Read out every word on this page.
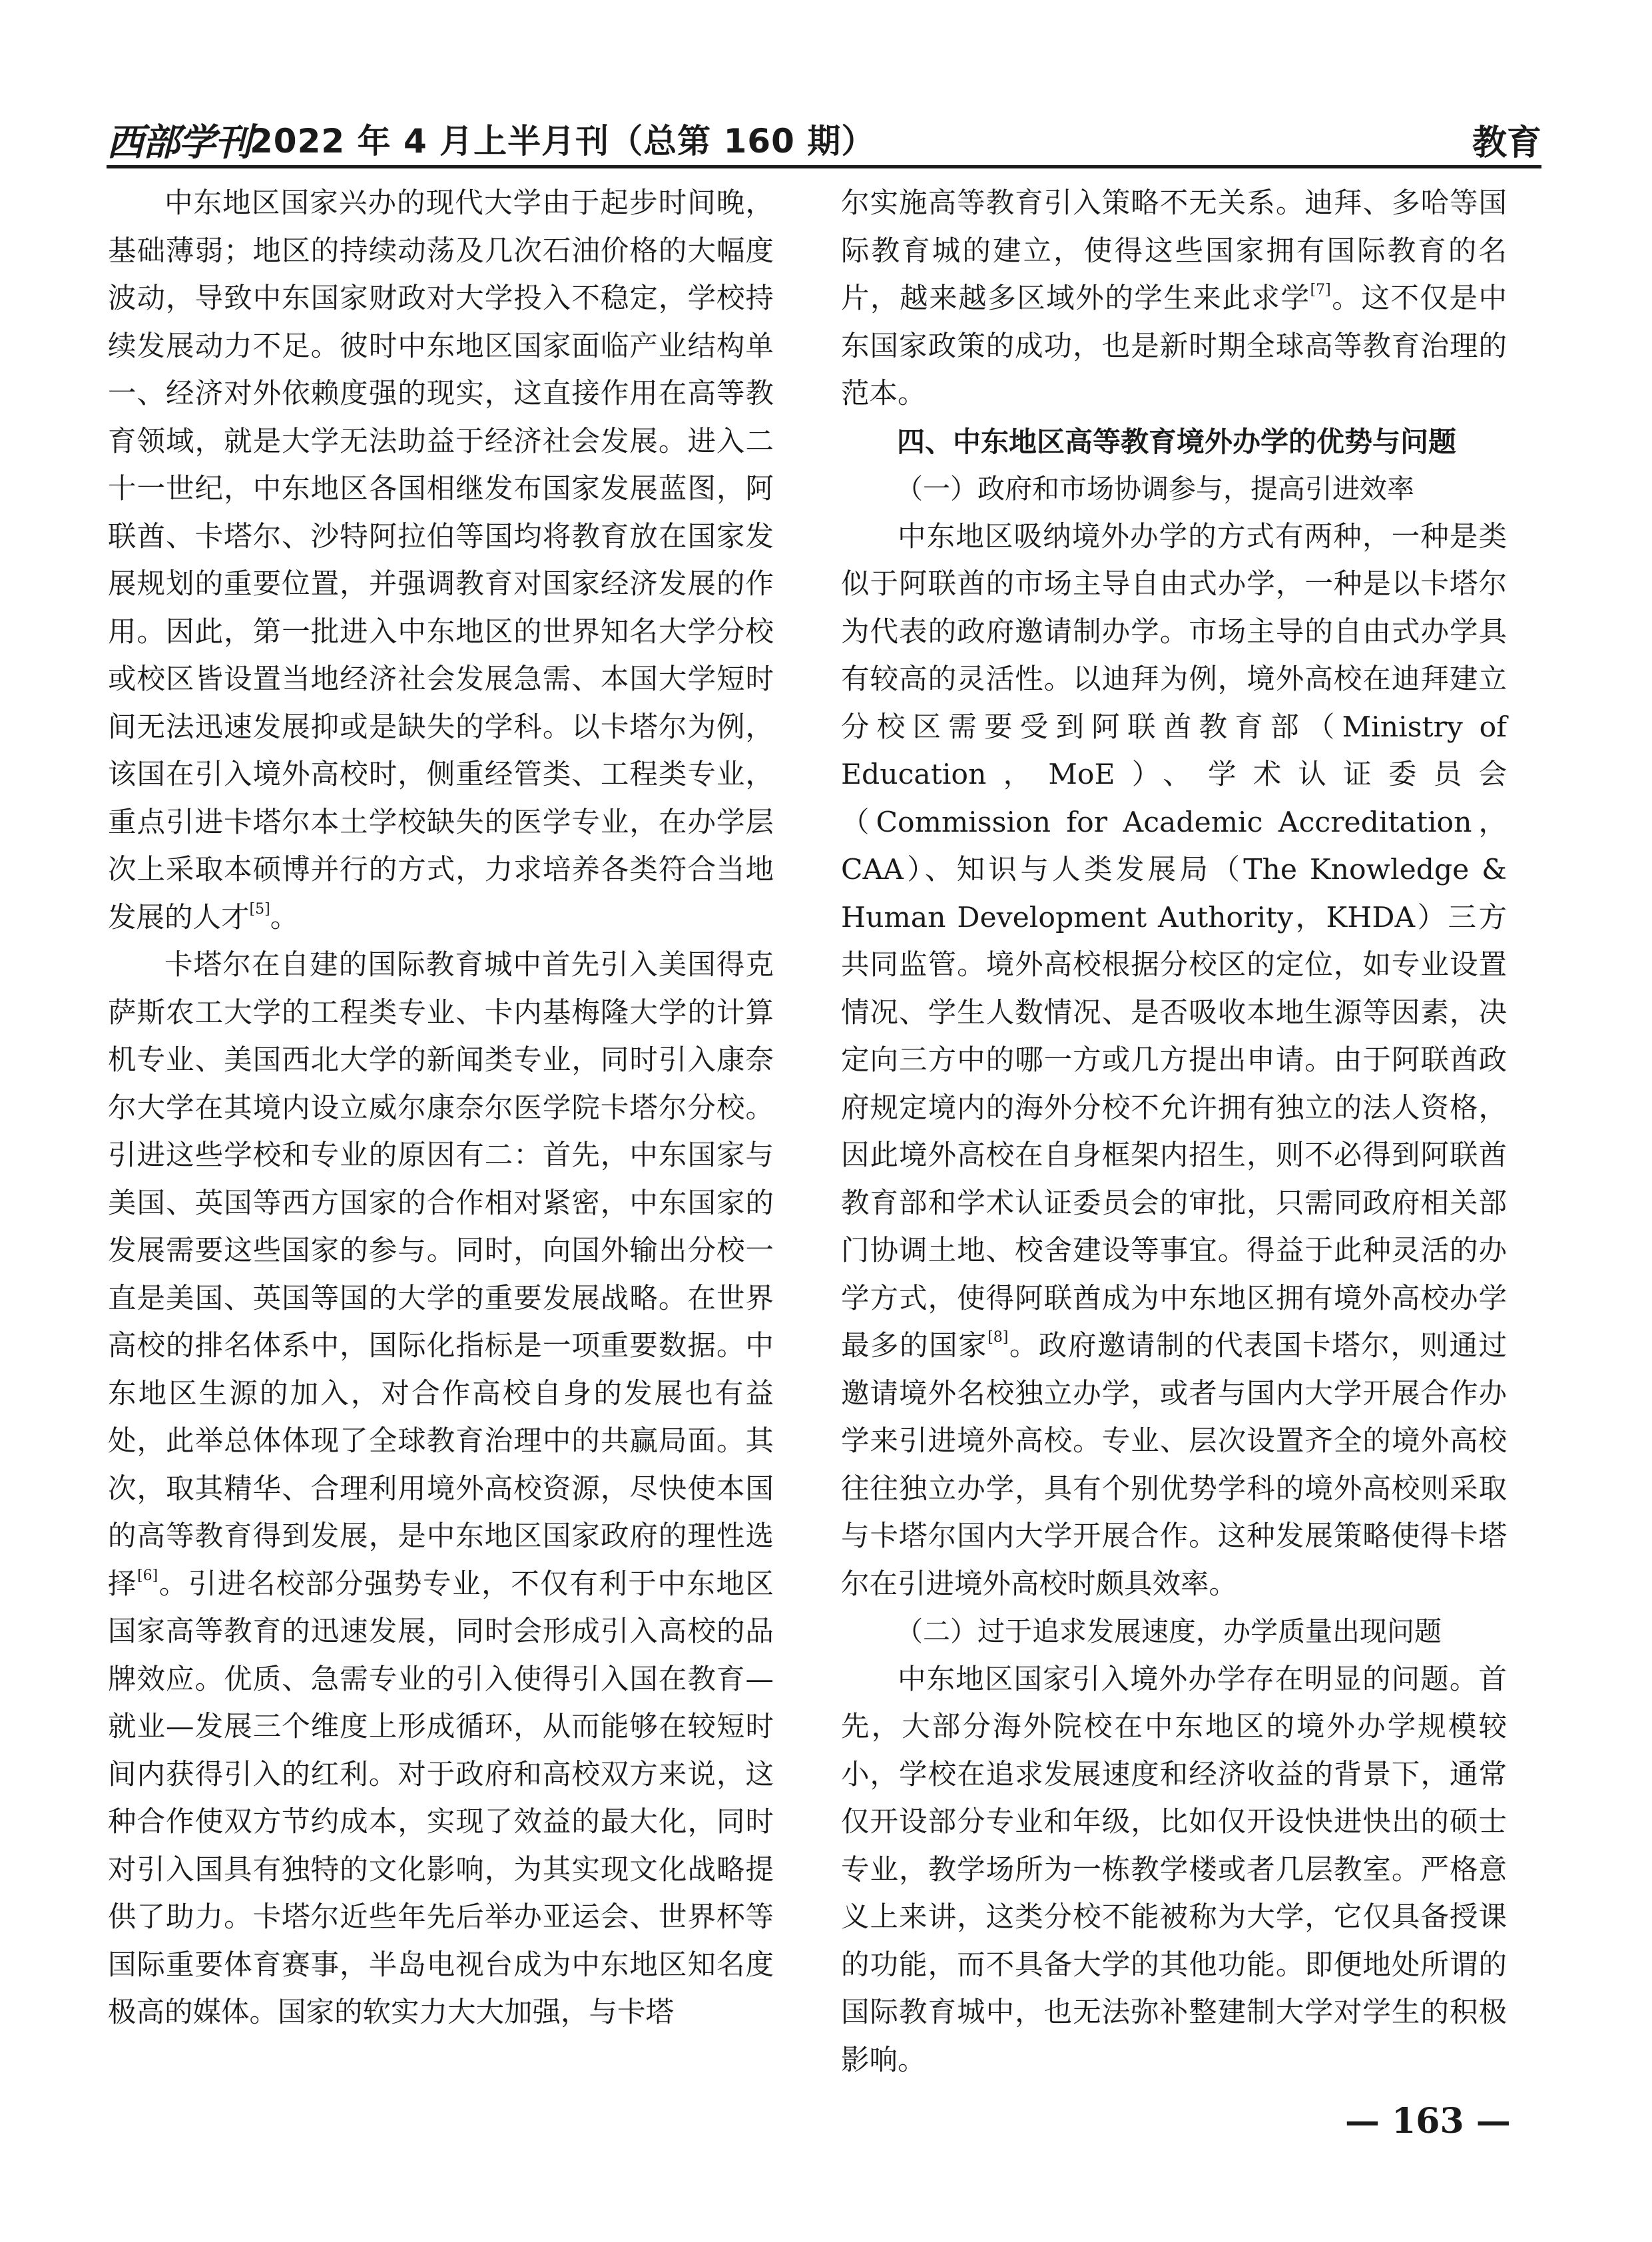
西部学刊 2022 年 4 月上半月刊（总第 160 期）	教育

中东地区国家兴办的现代大学由于起步时间晚，基础薄弱；地区的持续动荡及几次石油价格的大幅度波动，导致中东国家财政对大学投入不稳定，学校持续发展动力不足。彼时中东地区国家面临产业结构单一、经济对外依赖度强的现实，这直接作用在高等教育领域，就是大学无法助益于经济社会发展。进入二十一世纪，中东地区各国相继发布国家发展蓝图，阿联酋、卡塔尔、沙特阿拉伯等国均将教育放在国家发展规划的重要位置，并强调教育对国家经济发展的作用。因此，第一批进入中东地区的世界知名大学分校或校区皆设置当地经济社会发展急需、本国大学短时间无法迅速发展抑或是缺失的学科。以卡塔尔为例，该国在引入境外高校时，侧重经管类、工程类专业，重点引进卡塔尔本土学校缺失的医学专业，在办学层次上采取本硕博并行的方式，力求培养各类符合当地发展的人才[5]。

卡塔尔在自建的国际教育城中首先引入美国得克萨斯农工大学的工程类专业、卡内基梅隆大学的计算机专业、美国西北大学的新闻类专业，同时引入康奈尔大学在其境内设立威尔康奈尔医学院卡塔尔分校。引进这些学校和专业的原因有二：首先，中东国家与美国、英国等西方国家的合作相对紧密，中东国家的发展需要这些国家的参与。同时，向国外输出分校一直是美国、英国等国的大学的重要发展战略。在世界高校的排名体系中，国际化指标是一项重要数据。中东地区生源的加入，对合作高校自身的发展也有益处，此举总体体现了全球教育治理中的共赢局面。其次，取其精华、合理利用境外高校资源，尽快使本国的高等教育得到发展，是中东地区国家政府的理性选择[6]。引进名校部分强势专业，不仅有利于中东地区国家高等教育的迅速发展，同时会形成引入高校的品牌效应。优质、急需专业的引入使得引入国在教育—就业—发展三个维度上形成循环，从而能够在较短时间内获得引入的红利。对于政府和高校双方来说，这种合作使双方节约成本，实现了效益的最大化，同时对引入国具有独特的文化影响，为其实现文化战略提供了助力。卡塔尔近些年先后举办亚运会、世界杯等国际重要体育赛事，半岛电视台成为中东地区知名度极高的媒体。国家的软实力大大加强，与卡塔

尔实施高等教育引入策略不无关系。迪拜、多哈等国际教育城的建立，使得这些国家拥有国际教育的名片，越来越多区域外的学生来此求学[7]。这不仅是中东国家政策的成功，也是新时期全球高等教育治理的范本。

四、中东地区高等教育境外办学的优势与问题

（一）政府和市场协调参与，提高引进效率

中东地区吸纳境外办学的方式有两种，一种是类似于阿联酋的市场主导自由式办学，一种是以卡塔尔为代表的政府邀请制办学。市场主导的自由式办学具有较高的灵活性。以迪拜为例，境外高校在迪拜建立分校区需要受到阿联酋教育部（Ministry of Education，MoE）、学术认证委员会（Commission for Academic Accreditation，CAA）、知识与人类发展局（The Knowledge & Human Development Authority，KHDA）三方共同监管。境外高校根据分校区的定位，如专业设置情况、学生人数情况、是否吸收本地生源等因素，决定向三方中的哪一方或几方提出申请。由于阿联酋政府规定境内的海外分校不允许拥有独立的法人资格，因此境外高校在自身框架内招生，则不必得到阿联酋教育部和学术认证委员会的审批，只需同政府相关部门协调土地、校舍建设等事宜。得益于此种灵活的办学方式，使得阿联酋成为中东地区拥有境外高校办学最多的国家[8]。政府邀请制的代表国卡塔尔，则通过邀请境外名校独立办学，或者与国内大学开展合作办学来引进境外高校。专业、层次设置齐全的境外高校往往独立办学，具有个别优势学科的境外高校则采取与卡塔尔国内大学开展合作。这种发展策略使得卡塔尔在引进境外高校时颇具效率。

（二）过于追求发展速度，办学质量出现问题

中东地区国家引入境外办学存在明显的问题。首先，大部分海外院校在中东地区的境外办学规模较小，学校在追求发展速度和经济收益的背景下，通常仅开设部分专业和年级，比如仅开设快进快出的硕士专业，教学场所为一栋教学楼或者几层教室。严格意义上来讲，这类分校不能被称为大学，它仅具备授课的功能，而不具备大学的其他功能。即便地处所谓的国际教育城中，也无法弥补整建制大学对学生的积极影响。

— 163 —
